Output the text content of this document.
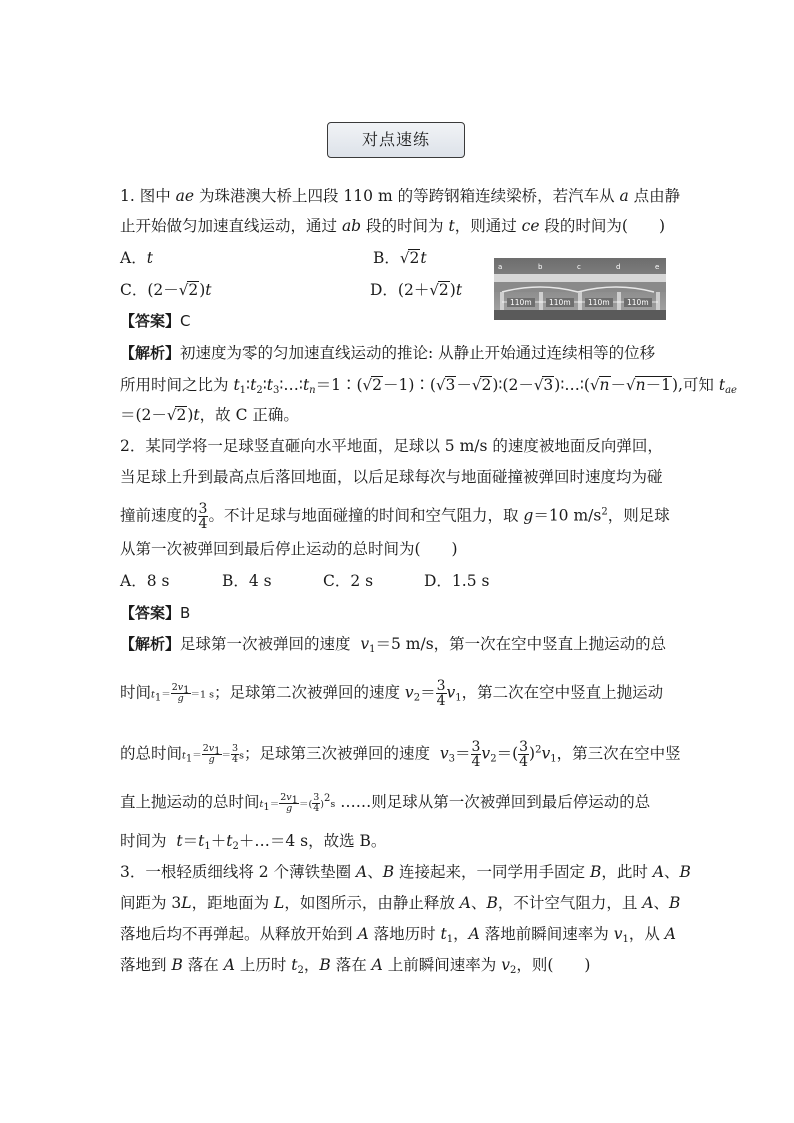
对点速练
1. 图中 ae 为珠港澳大桥上四段 110 m 的等跨钢箱连续梁桥，若汽车从 a 点由静
止开始做匀加速直线运动，通过 ab 段的时间为 t，则通过 ce 段的时间为(　　)
A．t	B．√2t
C．(2－√2)t	D．(2＋√2)t
a	b	c	d	e
110m 110m 110m 110m
【答案】C
【解析】初速度为零的匀加速直线运动的推论: 从静止开始通过连续相等的位移
所用时间之比为 $t_1∶t_2∶t_3∶\dots∶t_n=1∶(√2-1)∶(√3-√2)∶(2-√3)∶\dots∶(√n-√n-1)$,可知 $t_{ae}$
＝(2－√2)t，故 C 正确。
2．某同学将一足球竖直砸向水平地面，足球以 5 m/s 的速度被地面反向弹回，
当足球上升到最高点后落回地面，以后足球每次与地面碰撞被弹回时速度均为碰
撞前速度的 $\frac{3}{4}$ 。不计足球与地面碰撞的时间和空气阻力，取 g＝10 $m/s^2$，则足球
从第一次被弹回到最后停止运动的总时间为(　　)
A．8 s	B．4 s	C．2 s	D．1.5 s
【答案】B
【解析】足球第一次被弹回的速度  $v_1=5$ m/s，第一次在空中竖直上抛运动的总
时间$t_1= \frac{2v_1}{g} =1$ s；足球第二次被弹回的速度 $v_2= \frac{3}{4} v_1$，第二次在空中竖直上抛运动
的总时间$t_1= \frac{2v_1}{g} = \frac{3}{4}$ s；足球第三次被弹回的速度  $v_3= \frac{3}{4} v_2=( \frac{3}{4} )^2v_1$，第三次在空中竖
直上抛运动的总时间$t_1= \frac{2v_1}{g}$ ＝( $\frac{3}{4} )^2s$ ……则足球从第一次被弹回到最后停运动的总
时间为  $t=t_1+t_2+\dots=4$ s，故选 B。
3．一根轻质细线将 2 个薄铁垫圈 A、B 连接起来，一同学用手固定 B，此时 A、B
间距为 3L，距地面为 L，如图所示，由静止释放 A、B，不计空气阻力，且 A、B
落地后均不再弹起。从释放开始到 A 落地历时 $t_1$，A 落地前瞬间速率为 $v_1$，从 A
落地到 B 落在 A 上历时 $t_2$，B 落在 A 上前瞬间速率为 $v_2$，则(　　)
